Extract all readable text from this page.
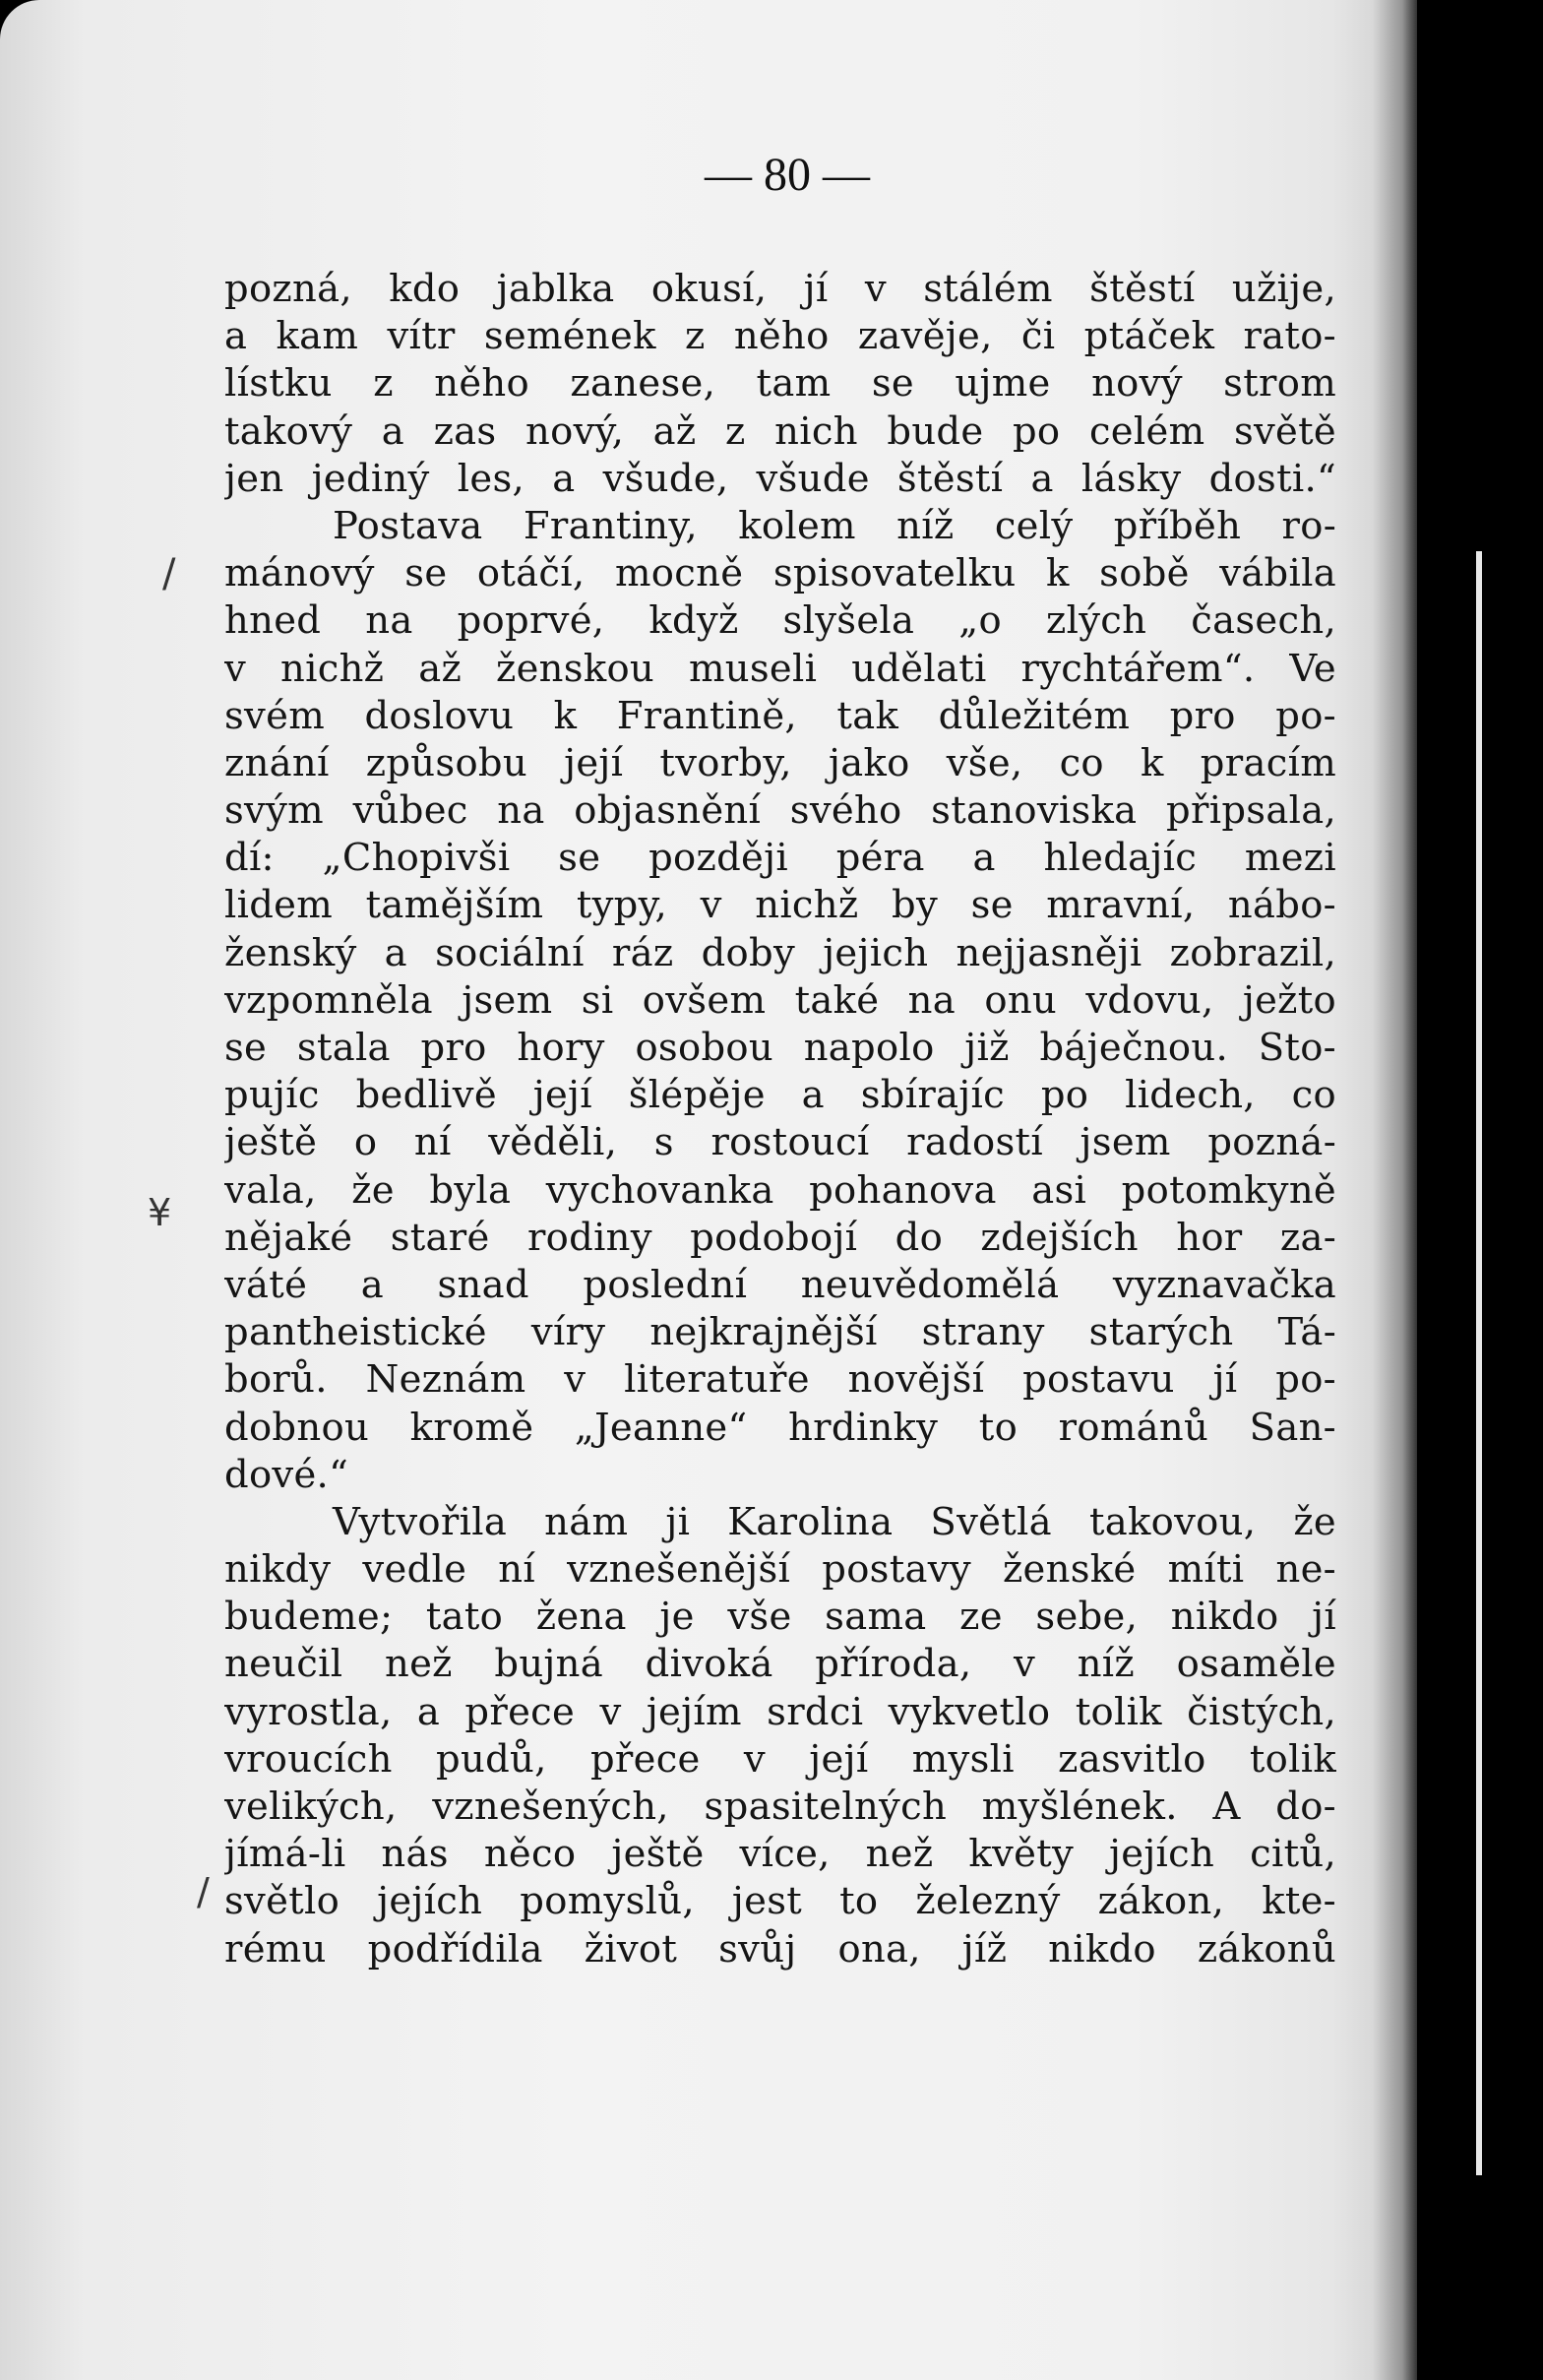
— 80 —
pozná, kdo jablka okusí, jí v stálém štěstí užije,
a kam vítr semének z něho zavěje, či ptáček rato-
lístku z něho zanese, tam se ujme nový strom
takový a zas nový, až z nich bude po celém světě
jen jediný les, a všude, všude štěstí a lásky dosti.“
Postava Frantiny, kolem níž celý příběh ro-
mánový se otáčí, mocně spisovatelku k sobě vábila
hned na poprvé, když slyšela „o zlých časech,
v nichž až ženskou museli udělati rychtářem“. Ve
svém doslovu k Frantině, tak důležitém pro po-
znání způsobu její tvorby, jako vše, co k pracím
svým vůbec na objasnění svého stanoviska připsala,
dí: „Chopivši se později péra a hledajíc mezi
lidem tamějším typy, v nichž by se mravní, nábo-
ženský a sociální ráz doby jejich nejjasněji zobrazil,
vzpomněla jsem si ovšem také na onu vdovu, ježto
se stala pro hory osobou napolo již báječnou. Sto-
pujíc bedlivě její šlépěje a sbírajíc po lidech, co
ještě o ní věděli, s rostoucí radostí jsem pozná-
vala, že byla vychovanka pohanova asi potomkyně
nějaké staré rodiny podobojí do zdejších hor za-
váté a snad poslední neuvědomělá vyznavačka
pantheistické víry nejkrajnější strany starých Tá-
borů. Neznám v literatuře novější postavu jí po-
dobnou kromě „Jeanne“ hrdinky to románů San-
dové.“
Vytvořila nám ji Karolina Světlá takovou, že
nikdy vedle ní vznešenější postavy ženské míti ne-
budeme; tato žena je vše sama ze sebe, nikdo jí
neučil než bujná divoká příroda, v níž osaměle
vyrostla, a přece v jejím srdci vykvetlo tolik čistých,
vroucích pudů, přece v její mysli zasvitlo tolik
velikých, vznešených, spasitelných myšlének. A do-
jímá-li nás něco ještě více, než květy jejích citů,
světlo jejích pomyslů, jest to železný zákon, kte-
rému podřídila život svůj ona, jíž nikdo zákonů
/
¥
/
